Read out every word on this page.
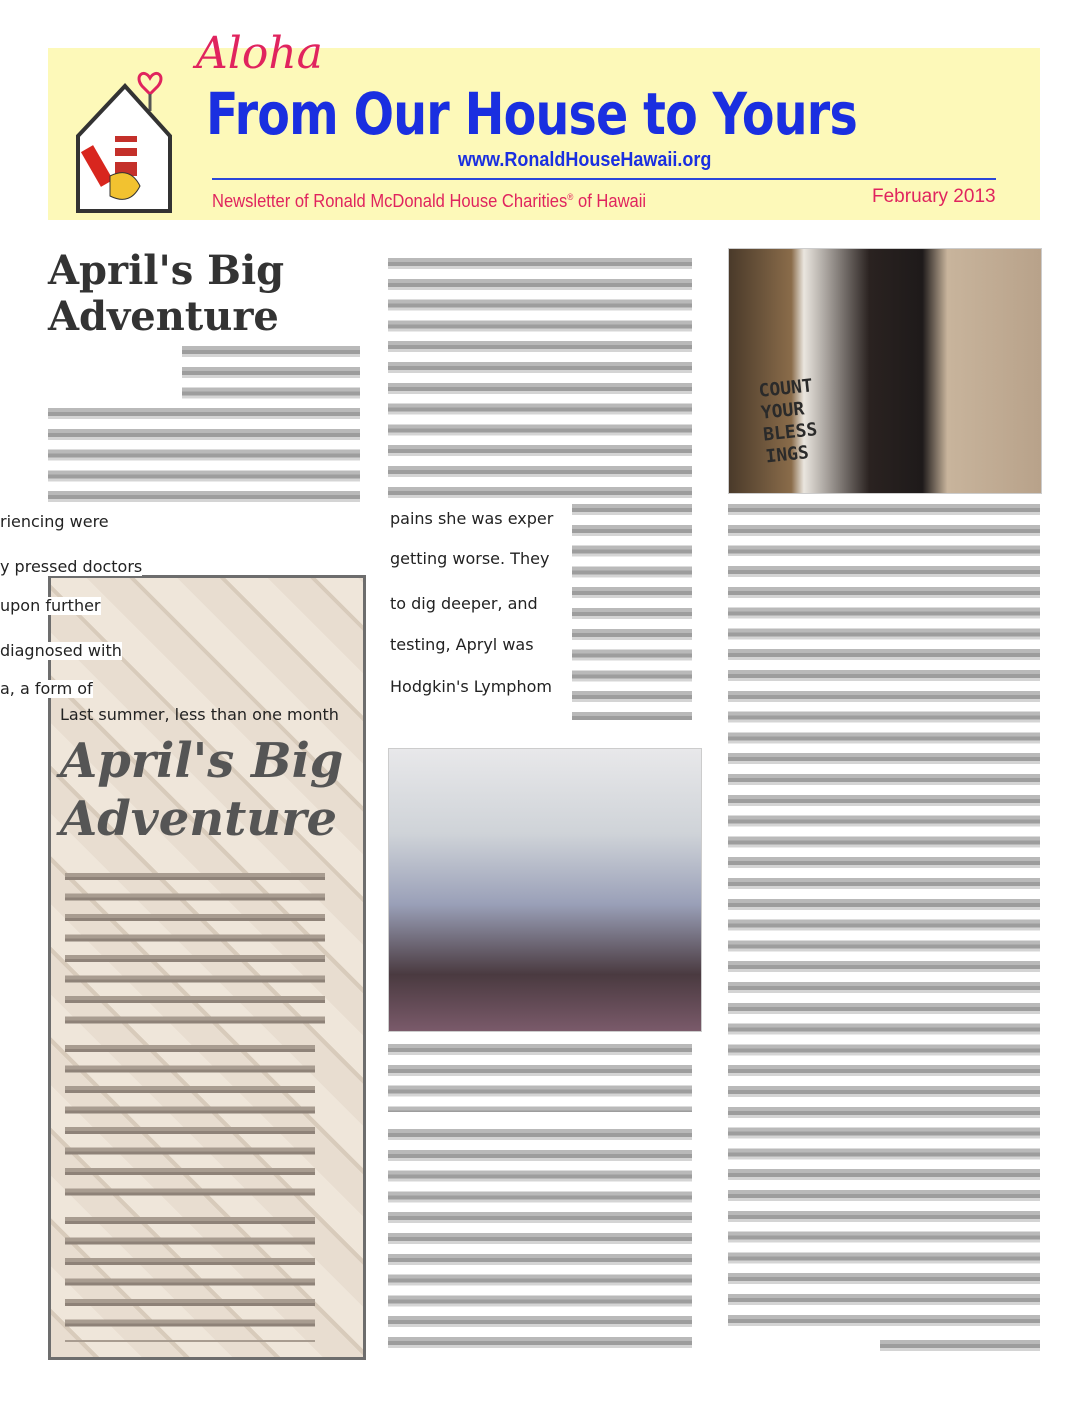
Aloha
From Our House to Yours
www.RonaldHouseHawaii.org
Newsletter of Ronald McDonald House Charities® of Hawaii	February 2013
April's Big
Adventure
riencing were
y pressed doctors
upon further
diagnosed with
a, a form of
Last summer, less than one month
April's Big
Adventure
pains she was exper
getting worse. They
to dig deeper, and
testing, Apryl was
Hodgkin's Lymphom
COUNT YOUR BLESS INGS
